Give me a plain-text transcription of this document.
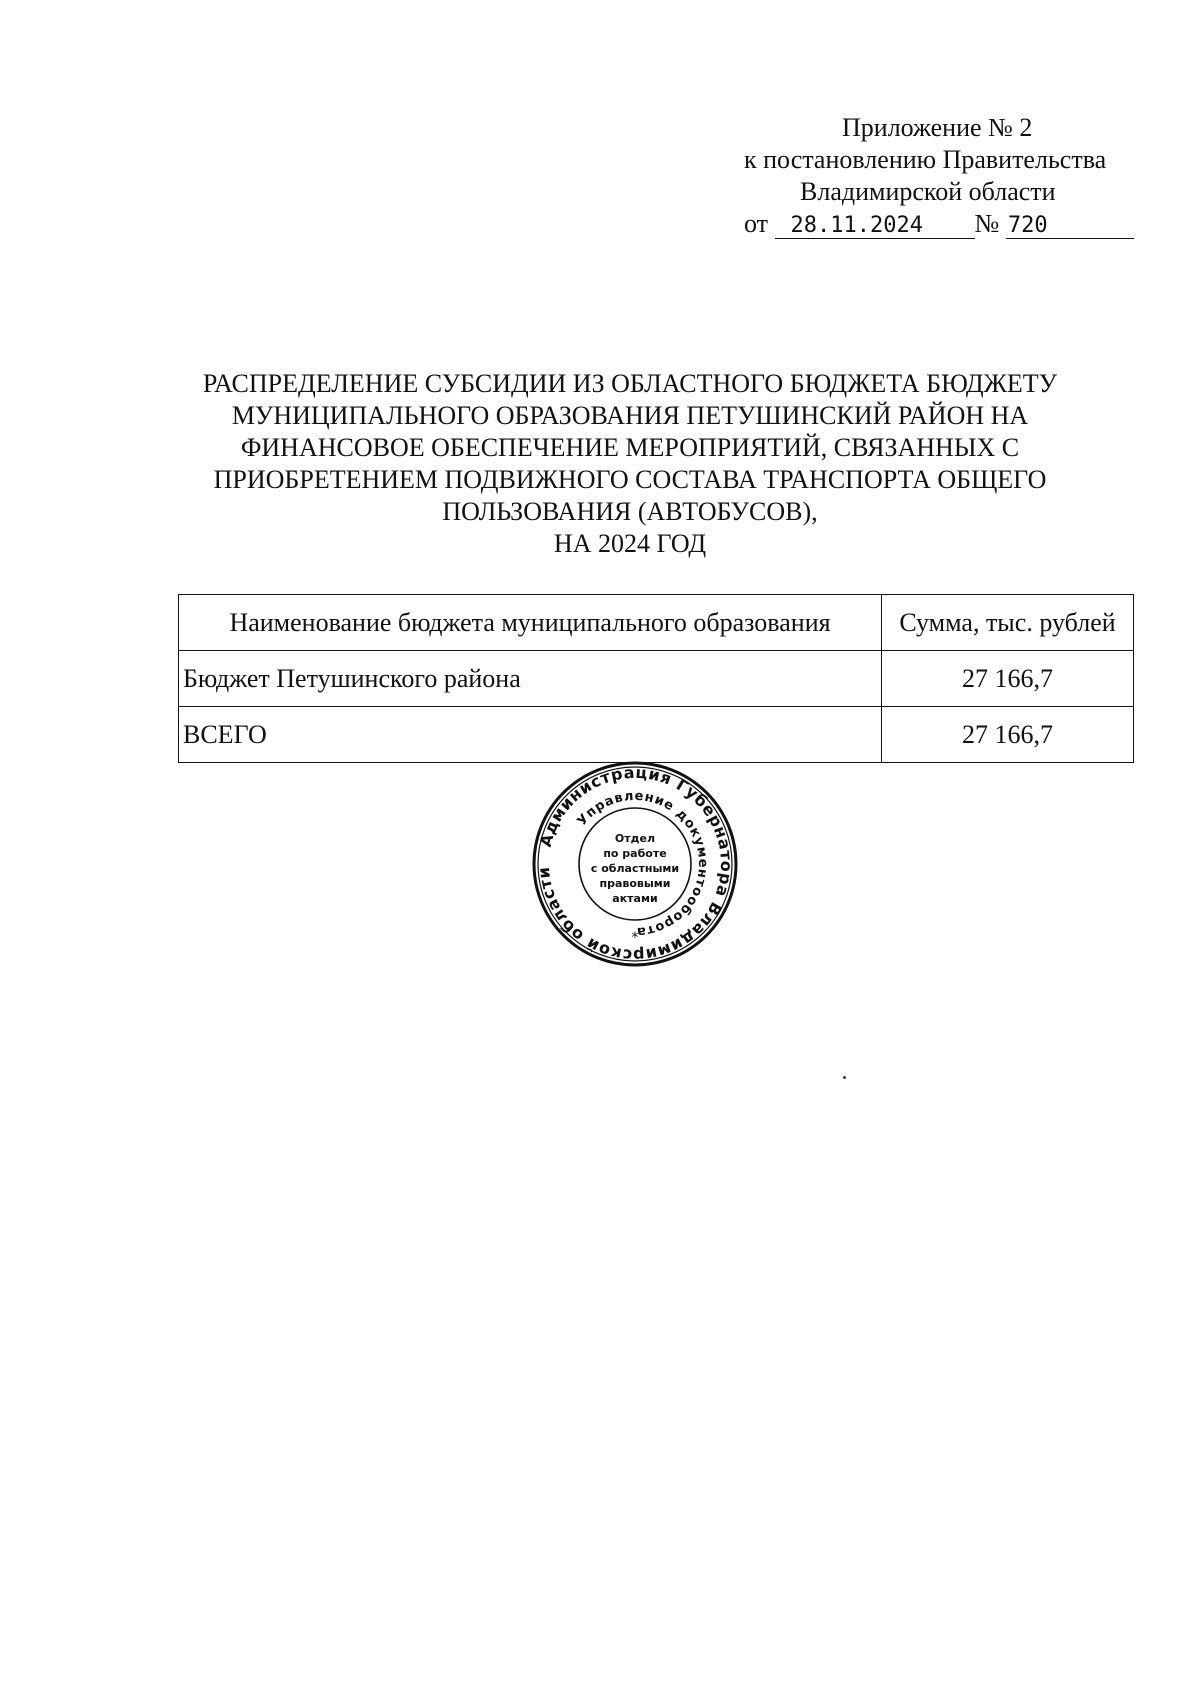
Приложение № 2
к постановлению Правительства
Владимирской области
от 28.11.2024 № 720
РАСПРЕДЕЛЕНИЕ СУБСИДИИ ИЗ ОБЛАСТНОГО БЮДЖЕТА БЮДЖЕТУ
МУНИЦИПАЛЬНОГО ОБРАЗОВАНИЯ ПЕТУШИНСКИЙ РАЙОН НА
ФИНАНСОВОЕ ОБЕСПЕЧЕНИЕ МЕРОПРИЯТИЙ, СВЯЗАННЫХ С
ПРИОБРЕТЕНИЕМ ПОДВИЖНОГО СОСТАВА ТРАНСПОРТА ОБЩЕГО
ПОЛЬЗОВАНИЯ (АВТОБУСОВ),
НА 2024 ГОД
Наименование бюджета муниципального образования	Сумма, тыс. рублей
Бюджет Петушинского района	27 166,7
ВСЕГО	27 166,7
Администрация Губернатора Владимирской области
Управление документооборота
*
Отдел
по работе
с областными
правовыми
актами
